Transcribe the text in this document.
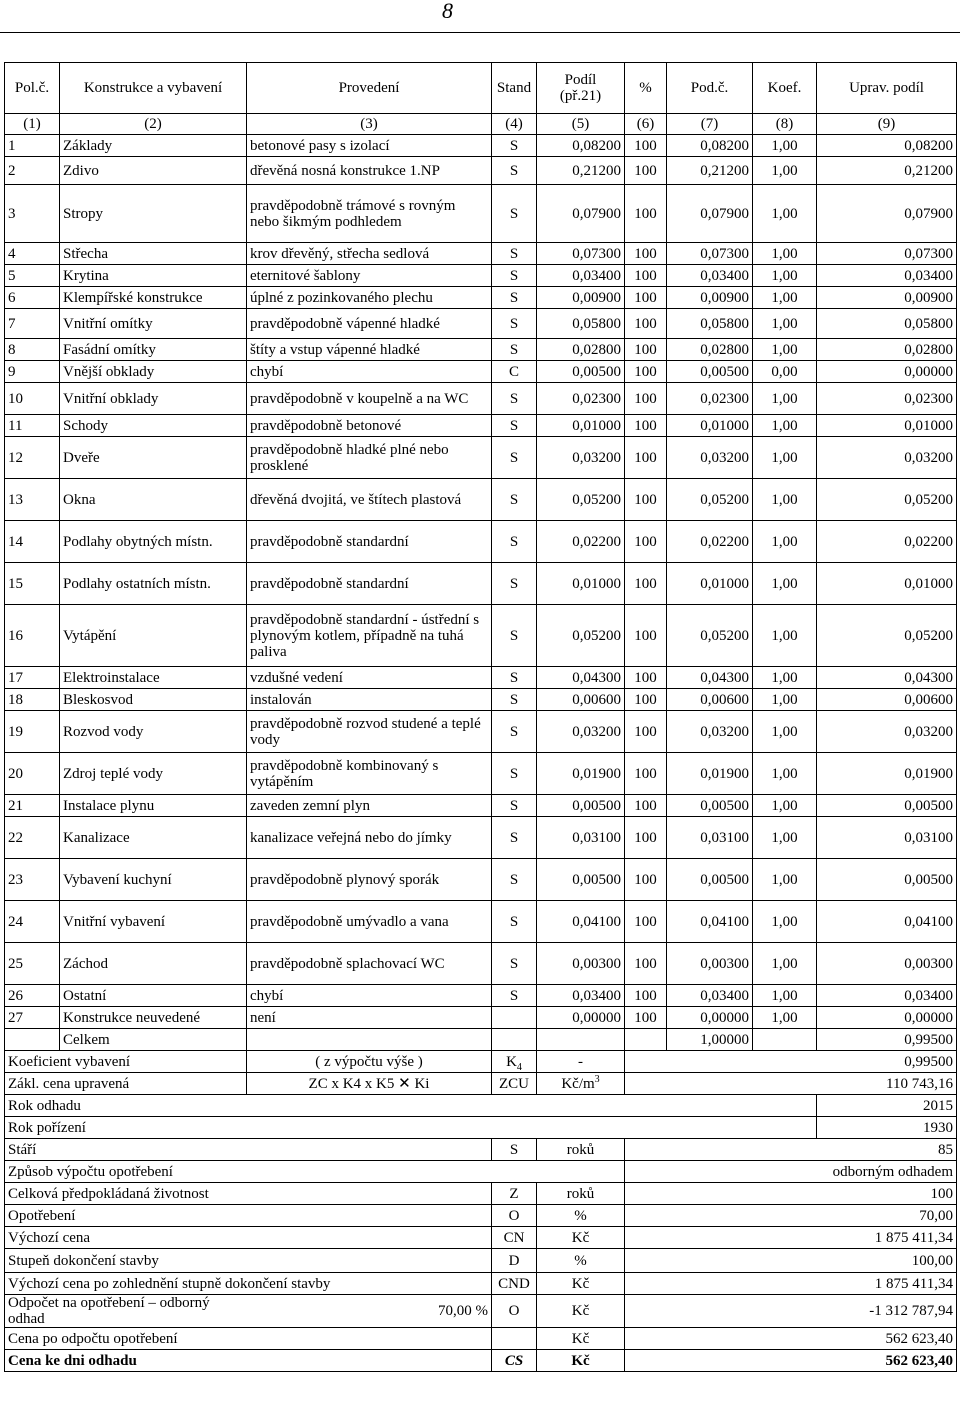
8
Pol.č.	Konstrukce a vybavení	Provedení	Stand	Podíl (př.21)	%	Pod.č.	Koef.	Uprav. podíl
(1)	(2)	(3)	(4)	(5)	(6)	(7)	(8)	(9)
1	Základy	betonové pasy s izolací	S	0,08200	100	0,08200	1,00	0,08200
2	Zdivo	dřevěná nosná konstrukce 1.NP	S	0,21200	100	0,21200	1,00	0,21200
3	Stropy	pravděpodobně trámové s rovným nebo šikmým podhledem	S	0,07900	100	0,07900	1,00	0,07900
4	Střecha	krov dřevěný, střecha sedlová	S	0,07300	100	0,07300	1,00	0,07300
5	Krytina	eternitové šablony	S	0,03400	100	0,03400	1,00	0,03400
6	Klempířské konstrukce	úplné z pozinkovaného plechu	S	0,00900	100	0,00900	1,00	0,00900
7	Vnitřní omítky	pravděpodobně vápenné hladké	S	0,05800	100	0,05800	1,00	0,05800
8	Fasádní omítky	štíty a vstup vápenné hladké	S	0,02800	100	0,02800	1,00	0,02800
9	Vnější obklady	chybí	C	0,00500	100	0,00500	0,00	0,00000
10	Vnitřní obklady	pravděpodobně v koupelně a na WC	S	0,02300	100	0,02300	1,00	0,02300
11	Schody	pravděpodobně betonové	S	0,01000	100	0,01000	1,00	0,01000
12	Dveře	pravděpodobně hladké plné nebo prosklené	S	0,03200	100	0,03200	1,00	0,03200
13	Okna	dřevěná dvojitá, ve štítech plastová	S	0,05200	100	0,05200	1,00	0,05200
14	Podlahy obytných místn.	pravděpodobně standardní	S	0,02200	100	0,02200	1,00	0,02200
15	Podlahy ostatních místn.	pravděpodobně standardní	S	0,01000	100	0,01000	1,00	0,01000
16	Vytápění	pravděpodobně standardní - ústřední s plynovým kotlem, případně na tuhá paliva	S	0,05200	100	0,05200	1,00	0,05200
17	Elektroinstalace	vzdušné vedení	S	0,04300	100	0,04300	1,00	0,04300
18	Bleskosvod	instalován	S	0,00600	100	0,00600	1,00	0,00600
19	Rozvod vody	pravděpodobně rozvod studené a teplé vody	S	0,03200	100	0,03200	1,00	0,03200
20	Zdroj teplé vody	pravděpodobně kombinovaný s vytápěním	S	0,01900	100	0,01900	1,00	0,01900
21	Instalace plynu	zaveden zemní plyn	S	0,00500	100	0,00500	1,00	0,00500
22	Kanalizace	kanalizace veřejná nebo do jímky	S	0,03100	100	0,03100	1,00	0,03100
23	Vybavení kuchyní	pravděpodobně plynový sporák	S	0,00500	100	0,00500	1,00	0,00500
24	Vnitřní vybavení	pravděpodobně umývadlo a vana	S	0,04100	100	0,04100	1,00	0,04100
25	Záchod	pravděpodobně splachovací WC	S	0,00300	100	0,00300	1,00	0,00300
26	Ostatní	chybí	S	0,03400	100	0,03400	1,00	0,03400
27	Konstrukce neuvedené	není		0,00000	100	0,00000	1,00	0,00000
	Celkem					1,00000		0,99500
Koeficient vybavení		( z výpočtu výše )	$K_4$	-	0,99500			
Zákl. cena upravená		ZC x K4 x K5 ✕ Ki	ZCU	$Kč/m^3$	110 743,16			
Rok odhadu								2015
Rok pořízení								1930
Stáří			S	roků	85			
Způsob výpočtu opotřebení					odborným odhadem			
Celková předpokládaná životnost			Z	roků	100			
Opotřebení			O	%	70,00			
Výchozí cena			CN	Kč	1 875 411,34			
Stupeň dokončení stavby			D	%	100,00			
Výchozí cena po zohlednění stupně dokončení stavby			CND	Kč	1 875 411,34			
Odpočet na opotřebení – odborný odhad		70,00 %	O	Kč	-1 312 787,94			
Cena po odpočtu opotřebení				Kč	562 623,40			
Cena ke dni odhadu			CS	Kč	562 623,40			
